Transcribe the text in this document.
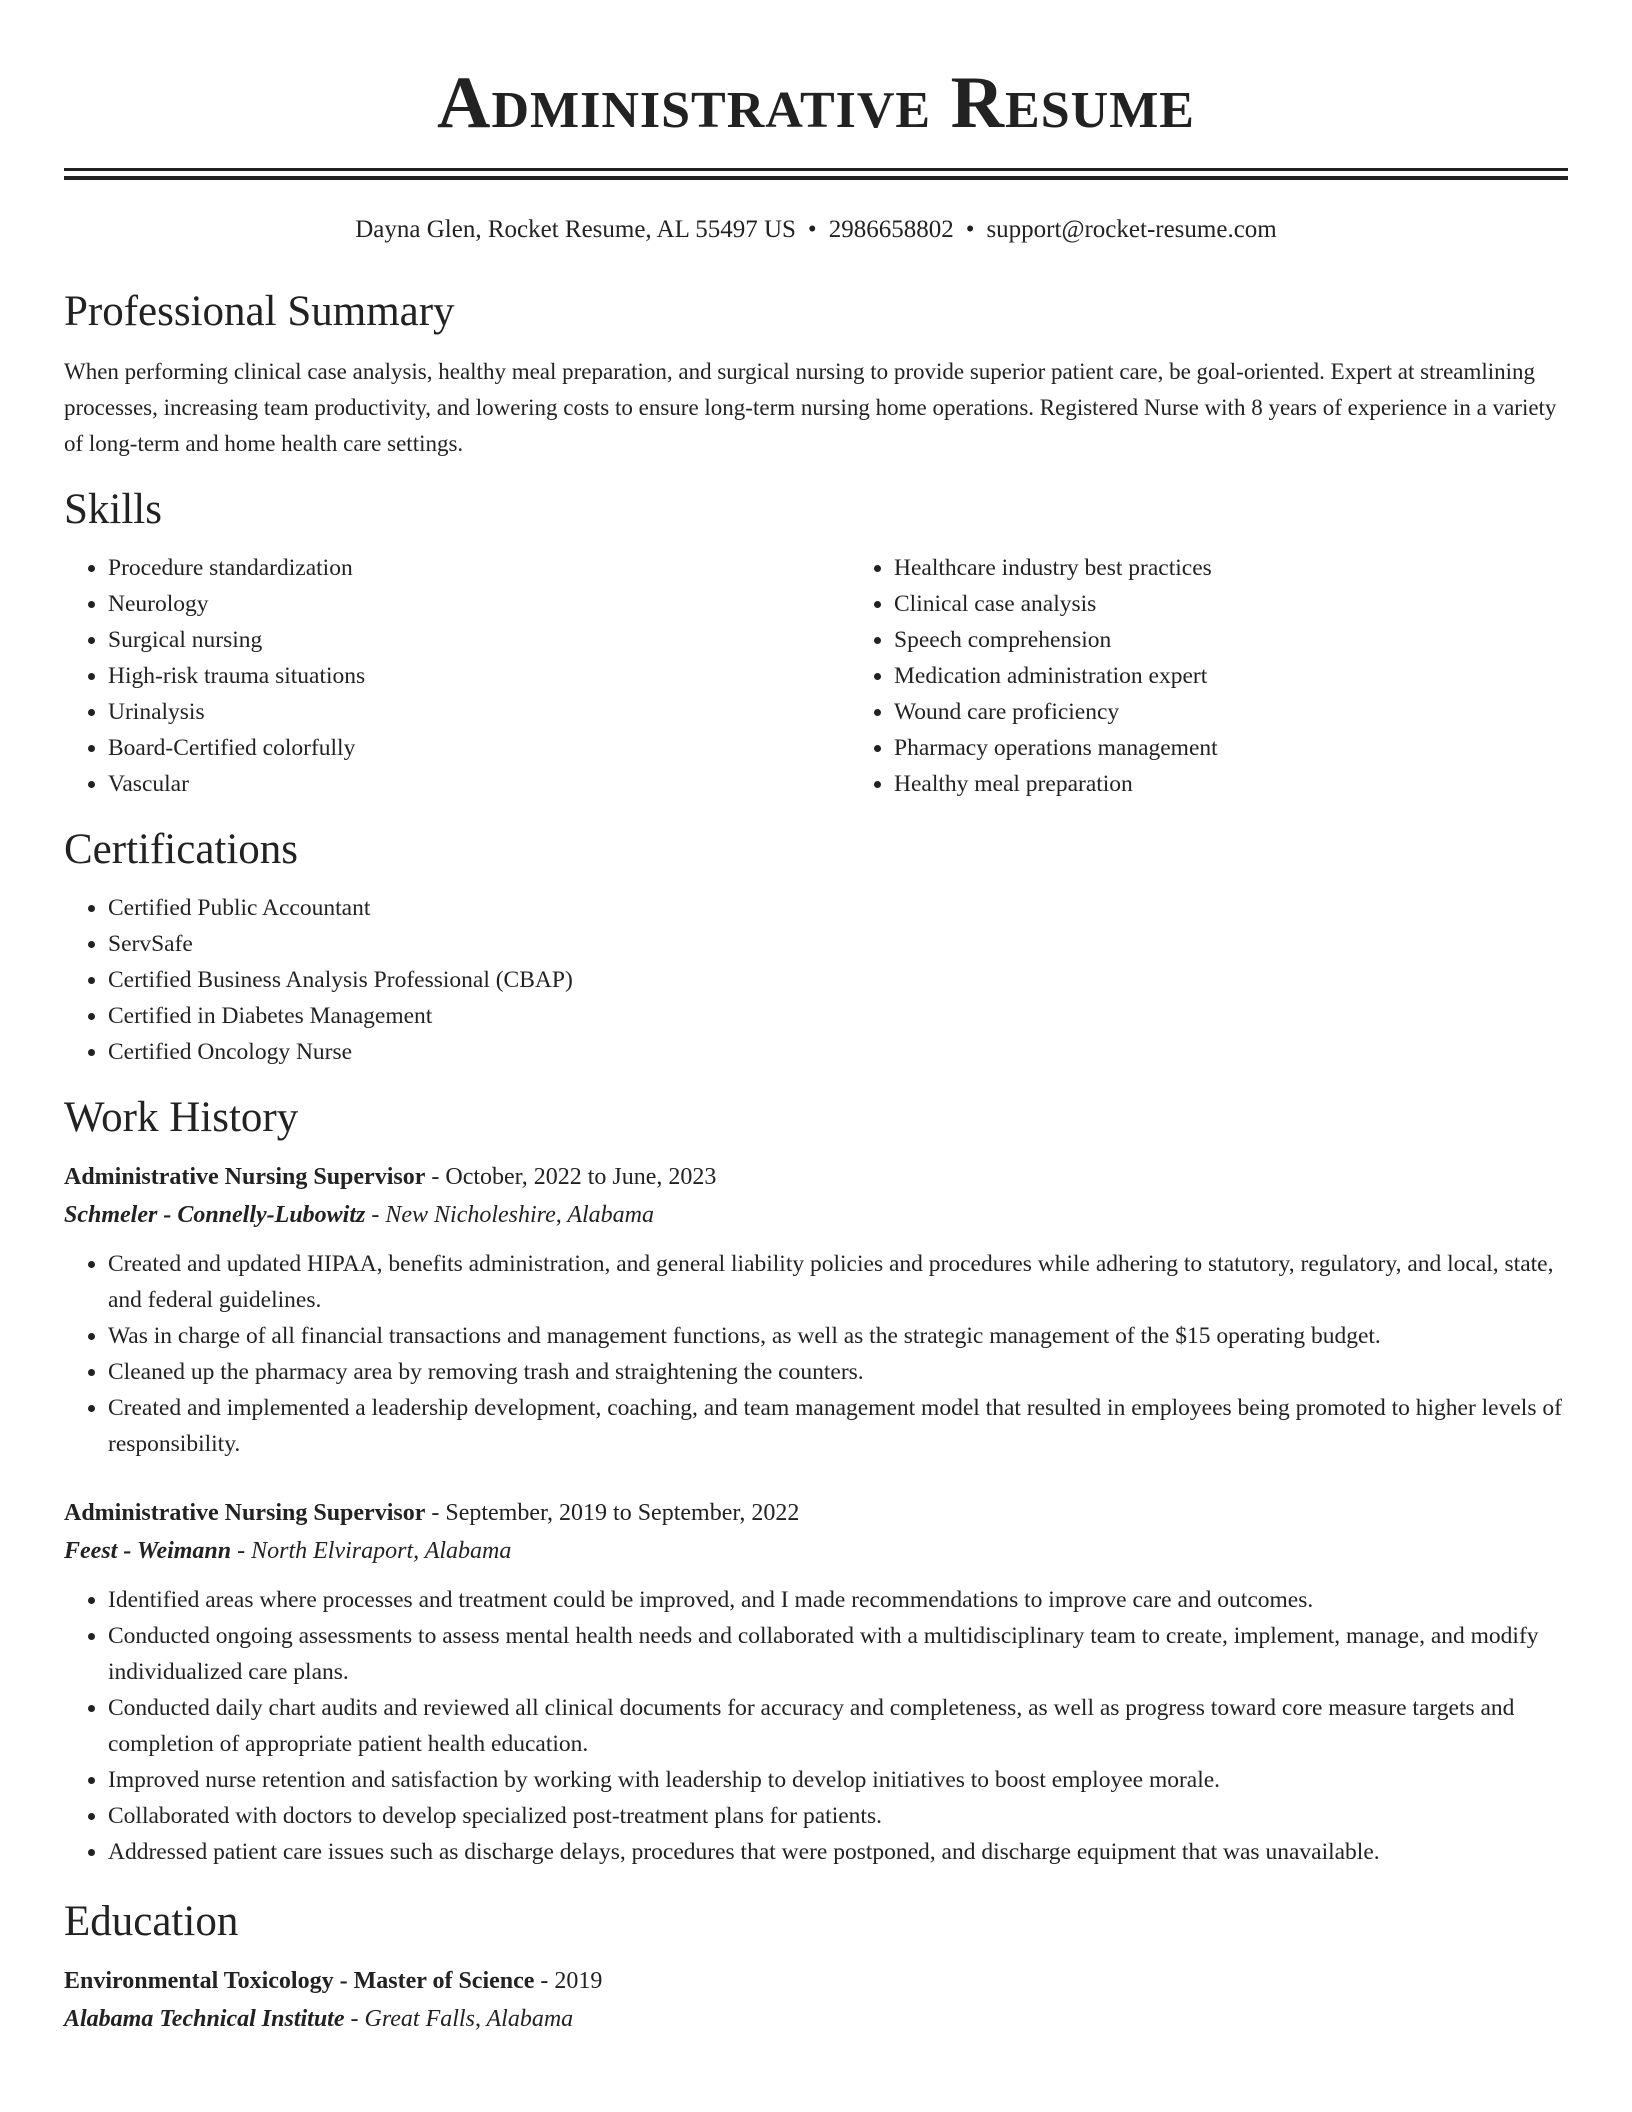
Administrative Resume
Dayna Glen, Rocket Resume, AL 55497 US • 2986658802 • support@rocket-resume.com
Professional Summary

When performing clinical case analysis, healthy meal preparation, and surgical nursing to provide superior patient care, be goal-oriented. Expert at streamlining processes, increasing team productivity, and lowering costs to ensure long-term nursing home operations. Registered Nurse with 8 years of experience in a variety of long-term and home health care settings.

Skills
• Procedure standardization
• Neurology
• Surgical nursing
• High-risk trauma situations
• Urinalysis
• Board-Certified colorfully
• Vascular
• Healthcare industry best practices
• Clinical case analysis
• Speech comprehension
• Medication administration expert
• Wound care proficiency
• Pharmacy operations management
• Healthy meal preparation
Certifications
• Certified Public Accountant
• ServSafe
• Certified Business Analysis Professional (CBAP)
• Certified in Diabetes Management
• Certified Oncology Nurse
Work History
Administrative Nursing Supervisor - October, 2022 to June, 2023
Schmeler - Connelly-Lubowitz - New Nicholeshire, Alabama
• Created and updated HIPAA, benefits administration, and general liability policies and procedures while adhering to statutory, regulatory, and local, state, and federal guidelines.
• Was in charge of all financial transactions and management functions, as well as the strategic management of the $15 operating budget.
• Cleaned up the pharmacy area by removing trash and straightening the counters.
• Created and implemented a leadership development, coaching, and team management model that resulted in employees being promoted to higher levels of responsibility.
Administrative Nursing Supervisor - September, 2019 to September, 2022
Feest - Weimann - North Elviraport, Alabama
• Identified areas where processes and treatment could be improved, and I made recommendations to improve care and outcomes.
• Conducted ongoing assessments to assess mental health needs and collaborated with a multidisciplinary team to create, implement, manage, and modify individualized care plans.
• Conducted daily chart audits and reviewed all clinical documents for accuracy and completeness, as well as progress toward core measure targets and completion of appropriate patient health education.
• Improved nurse retention and satisfaction by working with leadership to develop initiatives to boost employee morale.
• Collaborated with doctors to develop specialized post-treatment plans for patients.
• Addressed patient care issues such as discharge delays, procedures that were postponed, and discharge equipment that was unavailable.
Education
Environmental Toxicology - Master of Science - 2019
Alabama Technical Institute - Great Falls, Alabama
